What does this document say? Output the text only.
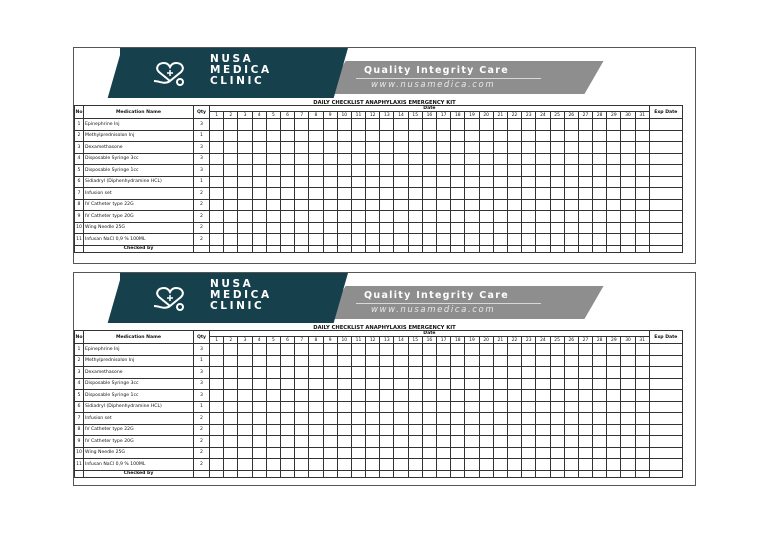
NUSA
MEDICA
CLINIC
Quality Integrity Care
www.nusamedica.com
DAILY CHECKLIST ANAPHYLAXIS EMERGENCY KIT
No	Medication Name	Qty	Date																															Exp Date
			1	2	3	4	5	6	7	8	9	10	11	12	13	14	15	16	17	18	19	20	21	22	23	24	25	26	27	28	29	30	31	
1	Epinephrine Inj	3																																
2	Methylprednisolon Inj	1																																
3	Dexamethasone	3																																
4	Disposable Syringe 3cc	3																																
5	Disposable Syringe 1cc	3																																
6	Sidiadryl (Diphenhydramine HCL)	1																																
7	Infusion set	2																																
8	IV Catheter type 22G	2																																
9	IV Catheter type 20G	2																																
10	Wing Needle 25G	2																																
11	Infusan NaCl 0,9 % 100ML	2																																
	Checked by																																	
NUSA
MEDICA
CLINIC
Quality Integrity Care
www.nusamedica.com
DAILY CHECKLIST ANAPHYLAXIS EMERGENCY KIT
No	Medication Name	Qty	Date																															Exp Date
			1	2	3	4	5	6	7	8	9	10	11	12	13	14	15	16	17	18	19	20	21	22	23	24	25	26	27	28	29	30	31	
1	Epinephrine Inj	3																																
2	Methylprednisolon Inj	1																																
3	Dexamethasone	3																																
4	Disposable Syringe 3cc	3																																
5	Disposable Syringe 1cc	3																																
6	Sidiadryl (Diphenhydramine HCL)	1																																
7	Infusion set	2																																
8	IV Catheter type 22G	2																																
9	IV Catheter type 20G	2																																
10	Wing Needle 25G	2																																
11	Infusan NaCl 0,9 % 100ML	2																																
	Checked by																																	
